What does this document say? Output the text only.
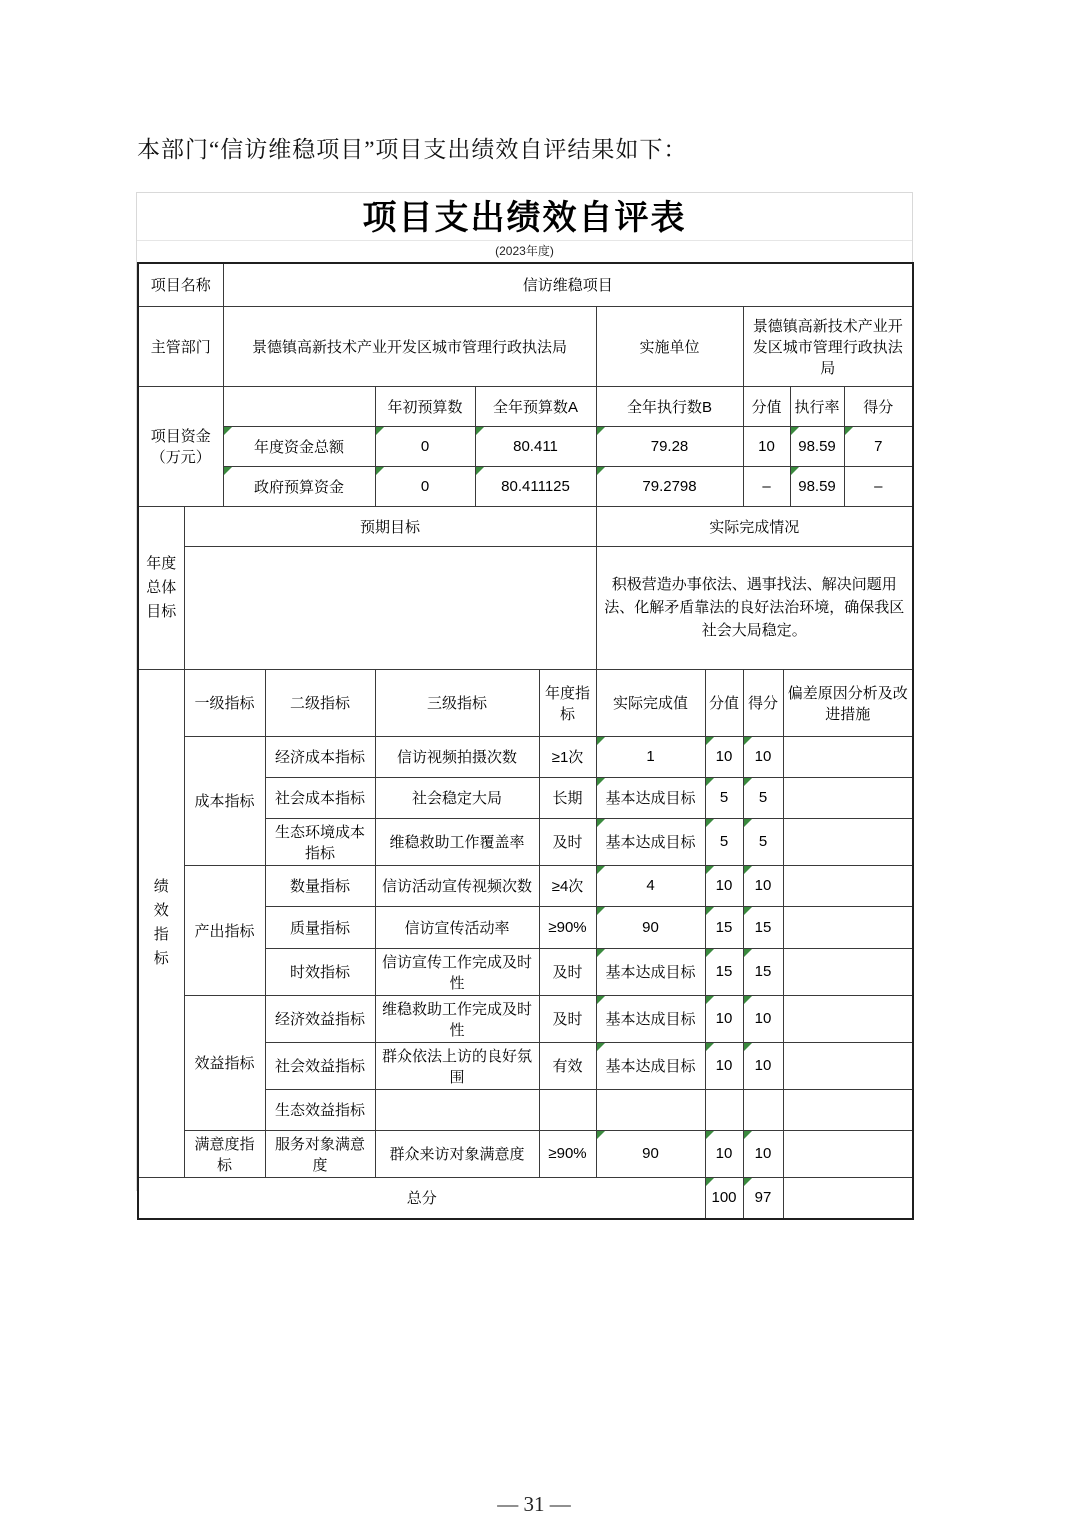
本部门“信访维稳项目”项目支出绩效自评结果如下：
项目支出绩效自评表
(2023年度)
项目名称		信访维稳项目										
主管部门		景德镇高新技术产业开发区城市管理行政执法局					实施单位		景德镇高新技术产业开发区城市管理行政执法局			
项目资金（万元）				年初预算数	全年预算数A		全年执行数B		分值		执行率	得分
		年度资金总额		0	80.411		79.28		10		98.59	7
		政府预算资金		0	80.411125		79.2798		–		98.59	–

年度总体目标	预期目标						实际完成情况					
							积极营造办事依法、遇事找法、解决问题用法、化解矛盾靠法的良好法治环境，确保我区社会大局稳定。					

绩效指标	一级指标		二级指标	三级指标		年度指标	实际完成值	分值	得分	偏差原因分析及改进措施		
	成本指标		经济成本指标	信访视频拍摄次数		≥1次	1	10	10			
			社会成本指标	社会稳定大局		长期	基本达成目标	5	5			
			生态环境成本指标	维稳救助工作覆盖率		及时	基本达成目标	5	5			
	产出指标		数量指标	信访活动宣传视频次数		≥4次	4	10	10			
			质量指标	信访宣传活动率		≥90%	90	15	15			
			时效指标	信访宣传工作完成及时性		及时	基本达成目标	15	15			
	效益指标		经济效益指标	维稳救助工作完成及时性		及时	基本达成目标	10	10			
			社会效益指标	群众依法上访的良好氛围		有效	基本达成目标	10	10			
			生态效益指标									
	满意度指标		服务对象满意度	群众来访对象满意度		≥90%	90	10	10			
总分								100	97			
— 31 —
